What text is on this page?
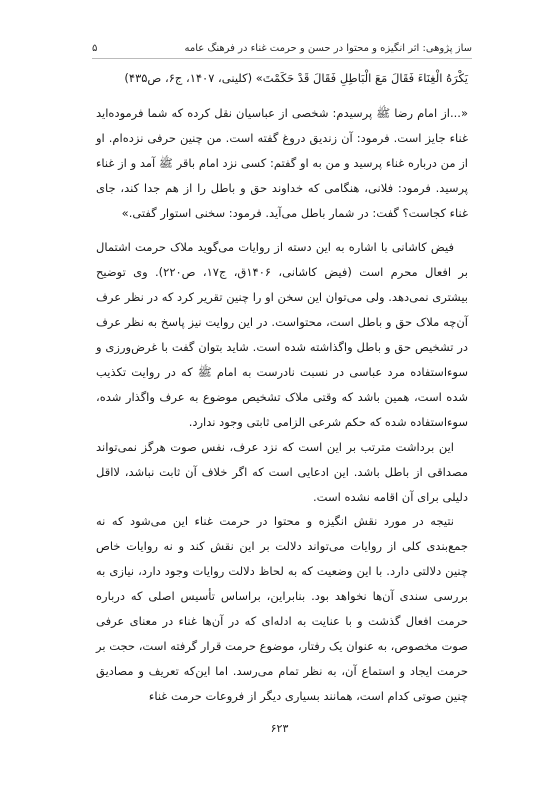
ساز پژوهی: اثر انگیزه و محتوا در حسن و حرمت غناء در فرهنگ عامه
۵

يَكْرَهُ الْغِنَاءَ فَقَالَ مَعَ الْبَاطِلِ فَقَالَ قَدْ حَكَمْتَ» (کلینی، ۱۴۰۷، ج۶، ص۴۳۵)

«...از امام رضا ﷺ پرسیدم: شخصی از عباسیان نقل کرده که شما فرموده‌اید غناء جایز است. فرمود: آن زندیق دروغ گفته است. من چنین حرفی نزده‌ام. او از من درباره غناء پرسید و من به او گفتم: کسی نزد امام باقر ﷺ آمد و از غناء پرسید. فرمود: فلانی، هنگامی که خداوند حق و باطل را از هم جدا کند، جای غناء کجاست؟ گفت: در شمار باطل می‌آید. فرمود: سخنی استوار گفتی.»

فیض کاشانی با اشاره به این دسته از روایات می‌گوید ملاک حرمت اشتمال بر افعال محرم است (فیض کاشانی، ۱۴۰۶ق، ج۱۷، ص۲۲۰). وی توضیح بیشتری نمی‌دهد. ولی می‌توان این سخن او را چنین تقریر کرد که در نظر عرف آن‌چه ملاک حق و باطل است، محتواست. در این روایت نیز پاسخ به نظر عرف در تشخیص حق و باطل واگذاشته شده است. شاید بتوان گفت با غرض‌ورزی و سوءاستفاده مرد عباسی در نسبت نادرست به امام ﷺ که در روایت تکذیب شده است، همین باشد که وقتی ملاک تشخیص موضوع به عرف واگذار شده، سوءاستفاده شده که حکم شرعی الزامی ثابتی وجود ندارد.

این برداشت مترتب بر این است که نزد عرف، نفس صوت هرگز نمی‌تواند مصداقی از باطل باشد. این ادعایی است که اگر خلاف آن ثابت نباشد، لااقل دلیلی برای آن اقامه نشده است.

نتیجه در مورد نقش انگیزه و محتوا در حرمت غناء این می‌شود که نه جمع‌بندی کلی از روایات می‌تواند دلالت بر این نقش کند و نه روایات خاص چنین دلالتی دارد. با این وضعیت که به لحاظ دلالت روایات وجود دارد، نیازی به بررسی سندی آن‌ها نخواهد بود. بنابراین، براساس تأسیس اصلی که درباره حرمت افعال گذشت و با عنایت به ادله‌ای که در آن‌ها غناء در معنای عرفی صوت مخصوص، به عنوان یک رفتار، موضوع حرمت قرار گرفته است، حجت بر حرمت ایجاد و استماع آن، به نظر تمام می‌رسد. اما این‌که تعریف و مصادیق چنین صوتی کدام است، همانند بسیاری دیگر از فروعات حرمت غناء

۶۲۳
